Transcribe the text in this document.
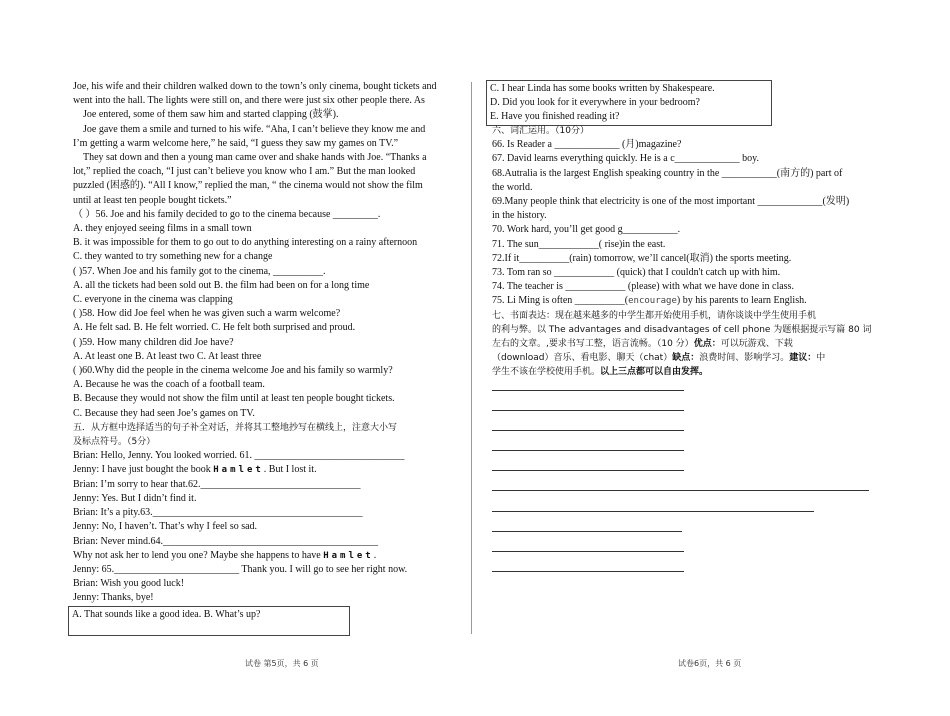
Joe, his wife and their children walked down to the town’s only cinema, bought tickets and

went into the hall. The lights were still on, and there were just six other people there. As

Joe entered, some of them saw him and started clapping (鼓掌).

Joe gave them a smile and turned to his wife. “Aha, I can’t believe they know me and

I’m getting a warm welcome here,” he said, “I guess they saw my games on TV.”

They sat down and then a young man came over and shake hands with Joe. “Thanks a

lot,” replied the coach, “I just can’t believe you know who I am.” But the man looked

puzzled (困惑的). “All I know,” replied the man, “ the cinema would not show the film

until at least ten people bought tickets.”

（ ）56. Joe and his family decided to go to the cinema because _________.

A. they enjoyed seeing films in a small town

B. it was impossible for them to go out to do anything interesting on a rainy afternoon

C. they wanted to try something new for a change

( )57. When Joe and his family got to the cinema, __________.

A. all the tickets had been sold out B. the film had been on for a long time

C. everyone in the cinema was clapping

( )58. How did Joe feel when he was given such a warm welcome?

A. He felt sad. B. He felt worried. C. He felt both surprised and proud.

( )59. How many children did Joe have?

A. At least one B. At least two C. At least three

( )60.Why did the people in the cinema welcome Joe and his family so warmly?

A. Because he was the coach of a football team.

B. Because they would not show the film until at least ten people bought tickets.

C. Because they had seen Joe’s games on TV.

五．从方框中选择适当的句子补全对话，并将其工整地抄写在横线上，注意大小写

及标点符号。（5分）

Brian: Hello, Jenny. You looked worried. 61. ______________________________

Jenny: I have just bought the book Hamlet. But I lost it.

Brian: I’m sorry to hear that.62.________________________________

Jenny: Yes. But I didn’t find it.

Brian: It’s a pity.63.__________________________________________

Jenny: No, I haven’t. That’s why I feel so sad.

Brian: Never mind.64.___________________________________________

Why not ask her to lend you one? Maybe she happens to have Hamlet.

Jenny: 65._________________________ Thank you. I will go to see her right now.

Brian: Wish you good luck!

Jenny: Thanks, bye!

A. That sounds like a good idea. B. What’s up?

C. I hear Linda has some books written by Shakespeare.

D. Did you look for it everywhere in your bedroom?

E. Have you finished reading it?

六、词汇运用。（10分）

66. Is Reader a _____________ (月)magazine?

67. David learns everything quickly. He is a c_____________ boy.

68.Autralia is the largest English speaking country in the ___________(南方的) part of

the world.

69.Many people think that electricity is one of the most important _____________(发明)

in the history.

70. Work hard, you’ll get good g___________.

71. The sun____________( rise)in the east.

72.If it__________(rain) tomorrow, we’ll cancel(取消) the sports meeting.

73. Tom ran so ____________ (quick) that I couldn't catch up with him.

74. The teacher is ____________ (please) with what we have done in class.

75. Li Ming is often __________(encourage) by his parents to learn English.

七、书面表达：现在越来越多的中学生都开始使用手机，请你谈谈中学生使用手机

的利与弊。以 The advantages and disadvantages of cell phone 为题根据提示写篇 80 词

左右的文章。,要求书写工整，语言流畅。（10 分）优点：可以玩游戏、下载

（download）音乐、看电影、聊天（chat）缺点：浪费时间、影响学习。建议：中

学生不该在学校使用手机。以上三点都可以自由发挥。

试卷 第5页，共 6 页	试卷6页，共 6 页
